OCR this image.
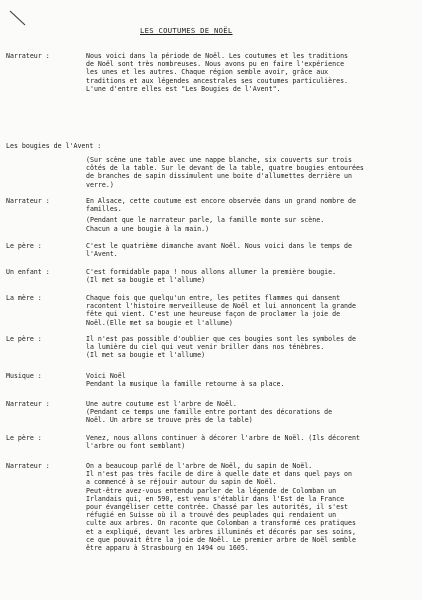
LES COUTUMES DE NOËL
Narrateur :	Nous voici dans la période de Noël. Les coutumes et les traditions

de Noël sont très nombreuses. Nous avons pu en faire l'expérience

les unes et les autres. Chaque région semble avoir, grâce aux

traditions et aux légendes ancestrales ses coutumes particulières.

L'une d'entre elles est "Les Bougies de l'Avent".

Les bougies de l'Avent :

(Sur scène une table avec une nappe blanche, six couverts sur trois

côtés de la table. Sur le devant de la table, quatre bougies entourées

de branches de sapin dissimulent une boite d'allumettes derrière un

verre.)

Narrateur :	En Alsace, cette coutume est encore observée dans un grand nombre de

familles.

(Pendant que le narrateur parle, la famille monte sur scène.

Chacun a une bougie à la main.)

Le père :	C'est le quatrième dimanche avant Noël. Nous voici dans le temps de

l'Avent.

Un enfant :	C'est formidable papa ! nous allons allumer la première bougie.

(Il met sa bougie et l'allume)

La mère :	Chaque fois que quelqu'un entre, les petites flammes qui dansent

racontent l'histoire merveilleuse de Noël et lui annoncent la grande

fête qui vient. C'est une heureuse façon de proclamer la joie de

Noël.(Elle met sa bougie et l'allume)

Le père :	Il n'est pas possible d'oublier que ces bougies sont les symboles de

la lumière du ciel qui veut venir briller dans nos ténèbres.

(Il met sa bougie et l'allume)

Musique :	Voici Noël

Pendant la musique la famille retourne à sa place.

Narrateur :	Une autre coutume est l'arbre de Noël.

(Pendant ce temps une famille entre portant des décorations de

Noël. Un arbre se trouve près de la table)

Le père :	Venez, nous allons continuer à décorer l'arbre de Noël. (Ils décorent

l'arbre ou font semblant)

Narrateur :	On a beaucoup parlé de l'arbre de Noël, du sapin de Noël.

Il n'est pas très facile de dire à quelle date et dans quel pays on

a commencé à se réjouir autour du sapin de Noël.

Peut-être avez-vous entendu parler de la légende de Colomban un

Irlandais qui, en 590, est venu s'établir dans l'Est de la France

pour évangéliser cette contrée. Chassé par les autorités, il s'est

réfugié en Suisse où il a trouvé des peuplades qui rendaient un

culte aux arbres. On raconte que Colomban a transformé ces pratiques

et a expliqué, devant les arbres illuminés et décorés par ses soins,

ce que pouvait être la joie de Noël. Le premier arbre de Noël semble

être apparu à Strasbourg en 1494 ou 1605.
